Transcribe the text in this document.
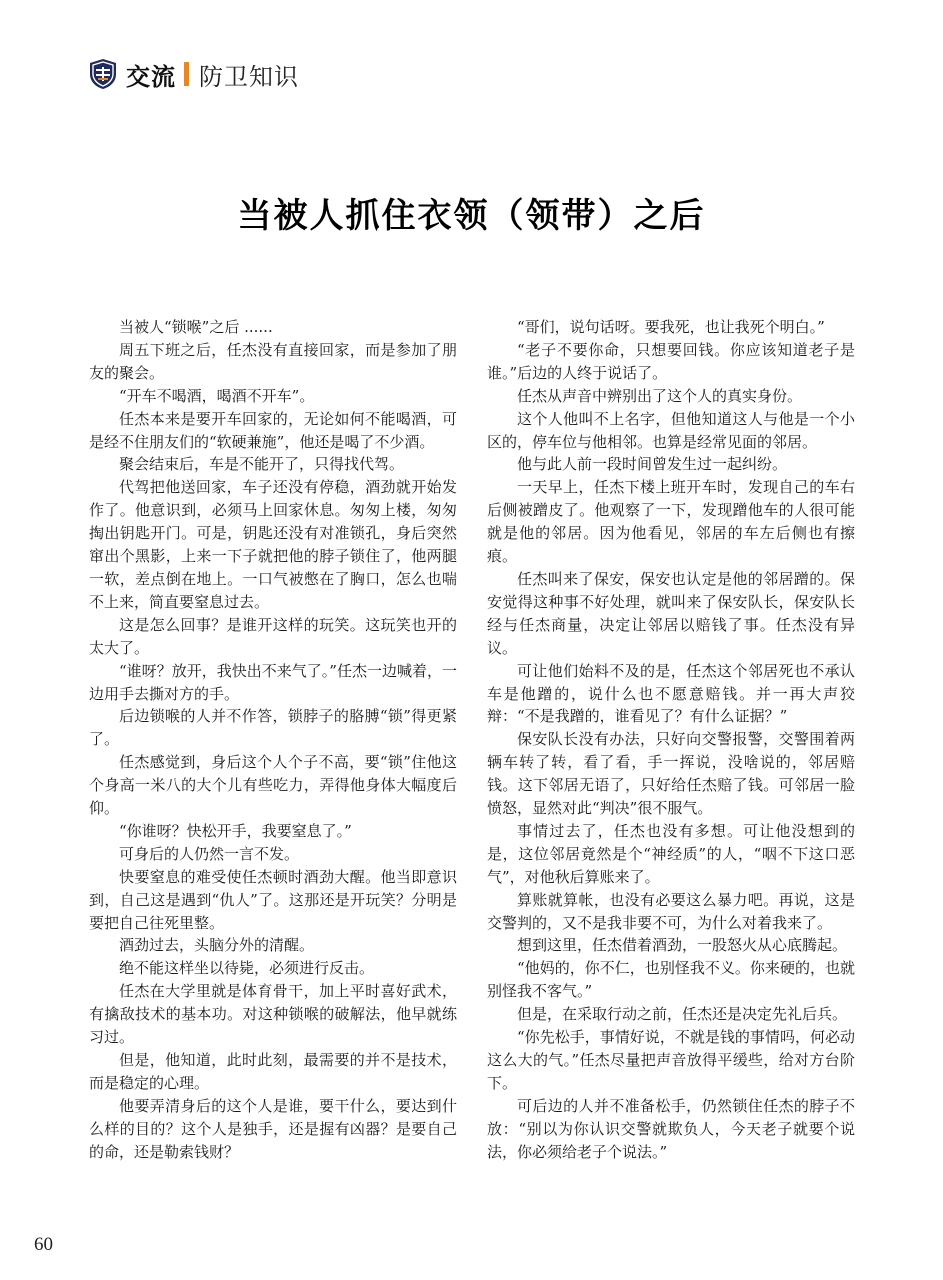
交流 防卫知识
当被人抓住衣领（领带）之后

当被人“锁喉”之后 ......

周五下班之后，任杰没有直接回家，而是参加了朋友的聚会。

“开车不喝酒，喝酒不开车”。

任杰本来是要开车回家的，无论如何不能喝酒，可是经不住朋友们的“软硬兼施”，他还是喝了不少酒。

聚会结束后，车是不能开了，只得找代驾。

代驾把他送回家，车子还没有停稳，酒劲就开始发作了。他意识到，必须马上回家休息。匆匆上楼，匆匆掏出钥匙开门。可是，钥匙还没有对准锁孔，身后突然窜出个黑影，上来一下子就把他的脖子锁住了，他两腿一软，差点倒在地上。一口气被憋在了胸口，怎么也喘不上来，简直要窒息过去。

这是怎么回事？是谁开这样的玩笑。这玩笑也开的太大了。

“谁呀？放开，我快出不来气了。”任杰一边喊着，一边用手去撕对方的手。

后边锁喉的人并不作答，锁脖子的胳膊“锁”得更紧了。

任杰感觉到，身后这个人个子不高，要“锁”住他这个身高一米八的大个儿有些吃力，弄得他身体大幅度后仰。

“你谁呀？快松开手，我要窒息了。”

可身后的人仍然一言不发。

快要窒息的难受使任杰顿时酒劲大醒。他当即意识到，自己这是遇到“仇人”了。这那还是开玩笑？分明是要把自己往死里整。

酒劲过去，头脑分外的清醒。

绝不能这样坐以待毙，必须进行反击。

任杰在大学里就是体育骨干，加上平时喜好武术，有擒敌技术的基本功。对这种锁喉的破解法，他早就练习过。

但是，他知道，此时此刻，最需要的并不是技术，而是稳定的心理。

他要弄清身后的这个人是谁，要干什么，要达到什么样的目的？这个人是独手，还是握有凶器？是要自己的命，还是勒索钱财？

“哥们，说句话呀。要我死，也让我死个明白。”

“老子不要你命，只想要回钱。你应该知道老子是谁。”后边的人终于说话了。

任杰从声音中辨别出了这个人的真实身份。

这个人他叫不上名字，但他知道这人与他是一个小区的，停车位与他相邻。也算是经常见面的邻居。

他与此人前一段时间曾发生过一起纠纷。

一天早上，任杰下楼上班开车时，发现自己的车右后侧被蹭皮了。他观察了一下，发现蹭他车的人很可能就是他的邻居。因为他看见，邻居的车左后侧也有擦痕。

任杰叫来了保安，保安也认定是他的邻居蹭的。保安觉得这种事不好处理，就叫来了保安队长，保安队长经与任杰商量，决定让邻居以赔钱了事。任杰没有异议。

可让他们始料不及的是，任杰这个邻居死也不承认车是他蹭的，说什么也不愿意赔钱。并一再大声狡辩：“不是我蹭的，谁看见了？有什么证据？”

保安队长没有办法，只好向交警报警，交警围着两辆车转了转，看了看，手一挥说，没啥说的，邻居赔钱。这下邻居无语了，只好给任杰赔了钱。可邻居一脸愤怒，显然对此“判决”很不服气。

事情过去了，任杰也没有多想。可让他没想到的是，这位邻居竟然是个“神经质”的人，“咽不下这口恶气”，对他秋后算账来了。

算账就算帐，也没有必要这么暴力吧。再说，这是交警判的，又不是我非要不可，为什么对着我来了。

想到这里，任杰借着酒劲，一股怒火从心底腾起。

“他妈的，你不仁，也别怪我不义。你来硬的，也就别怪我不客气。”

但是，在采取行动之前，任杰还是决定先礼后兵。

“你先松手，事情好说，不就是钱的事情吗，何必动这么大的气。”任杰尽量把声音放得平缓些，给对方台阶下。

可后边的人并不准备松手，仍然锁住任杰的脖子不放：“别以为你认识交警就欺负人，今天老子就要个说法，你必须给老子个说法。”

60
